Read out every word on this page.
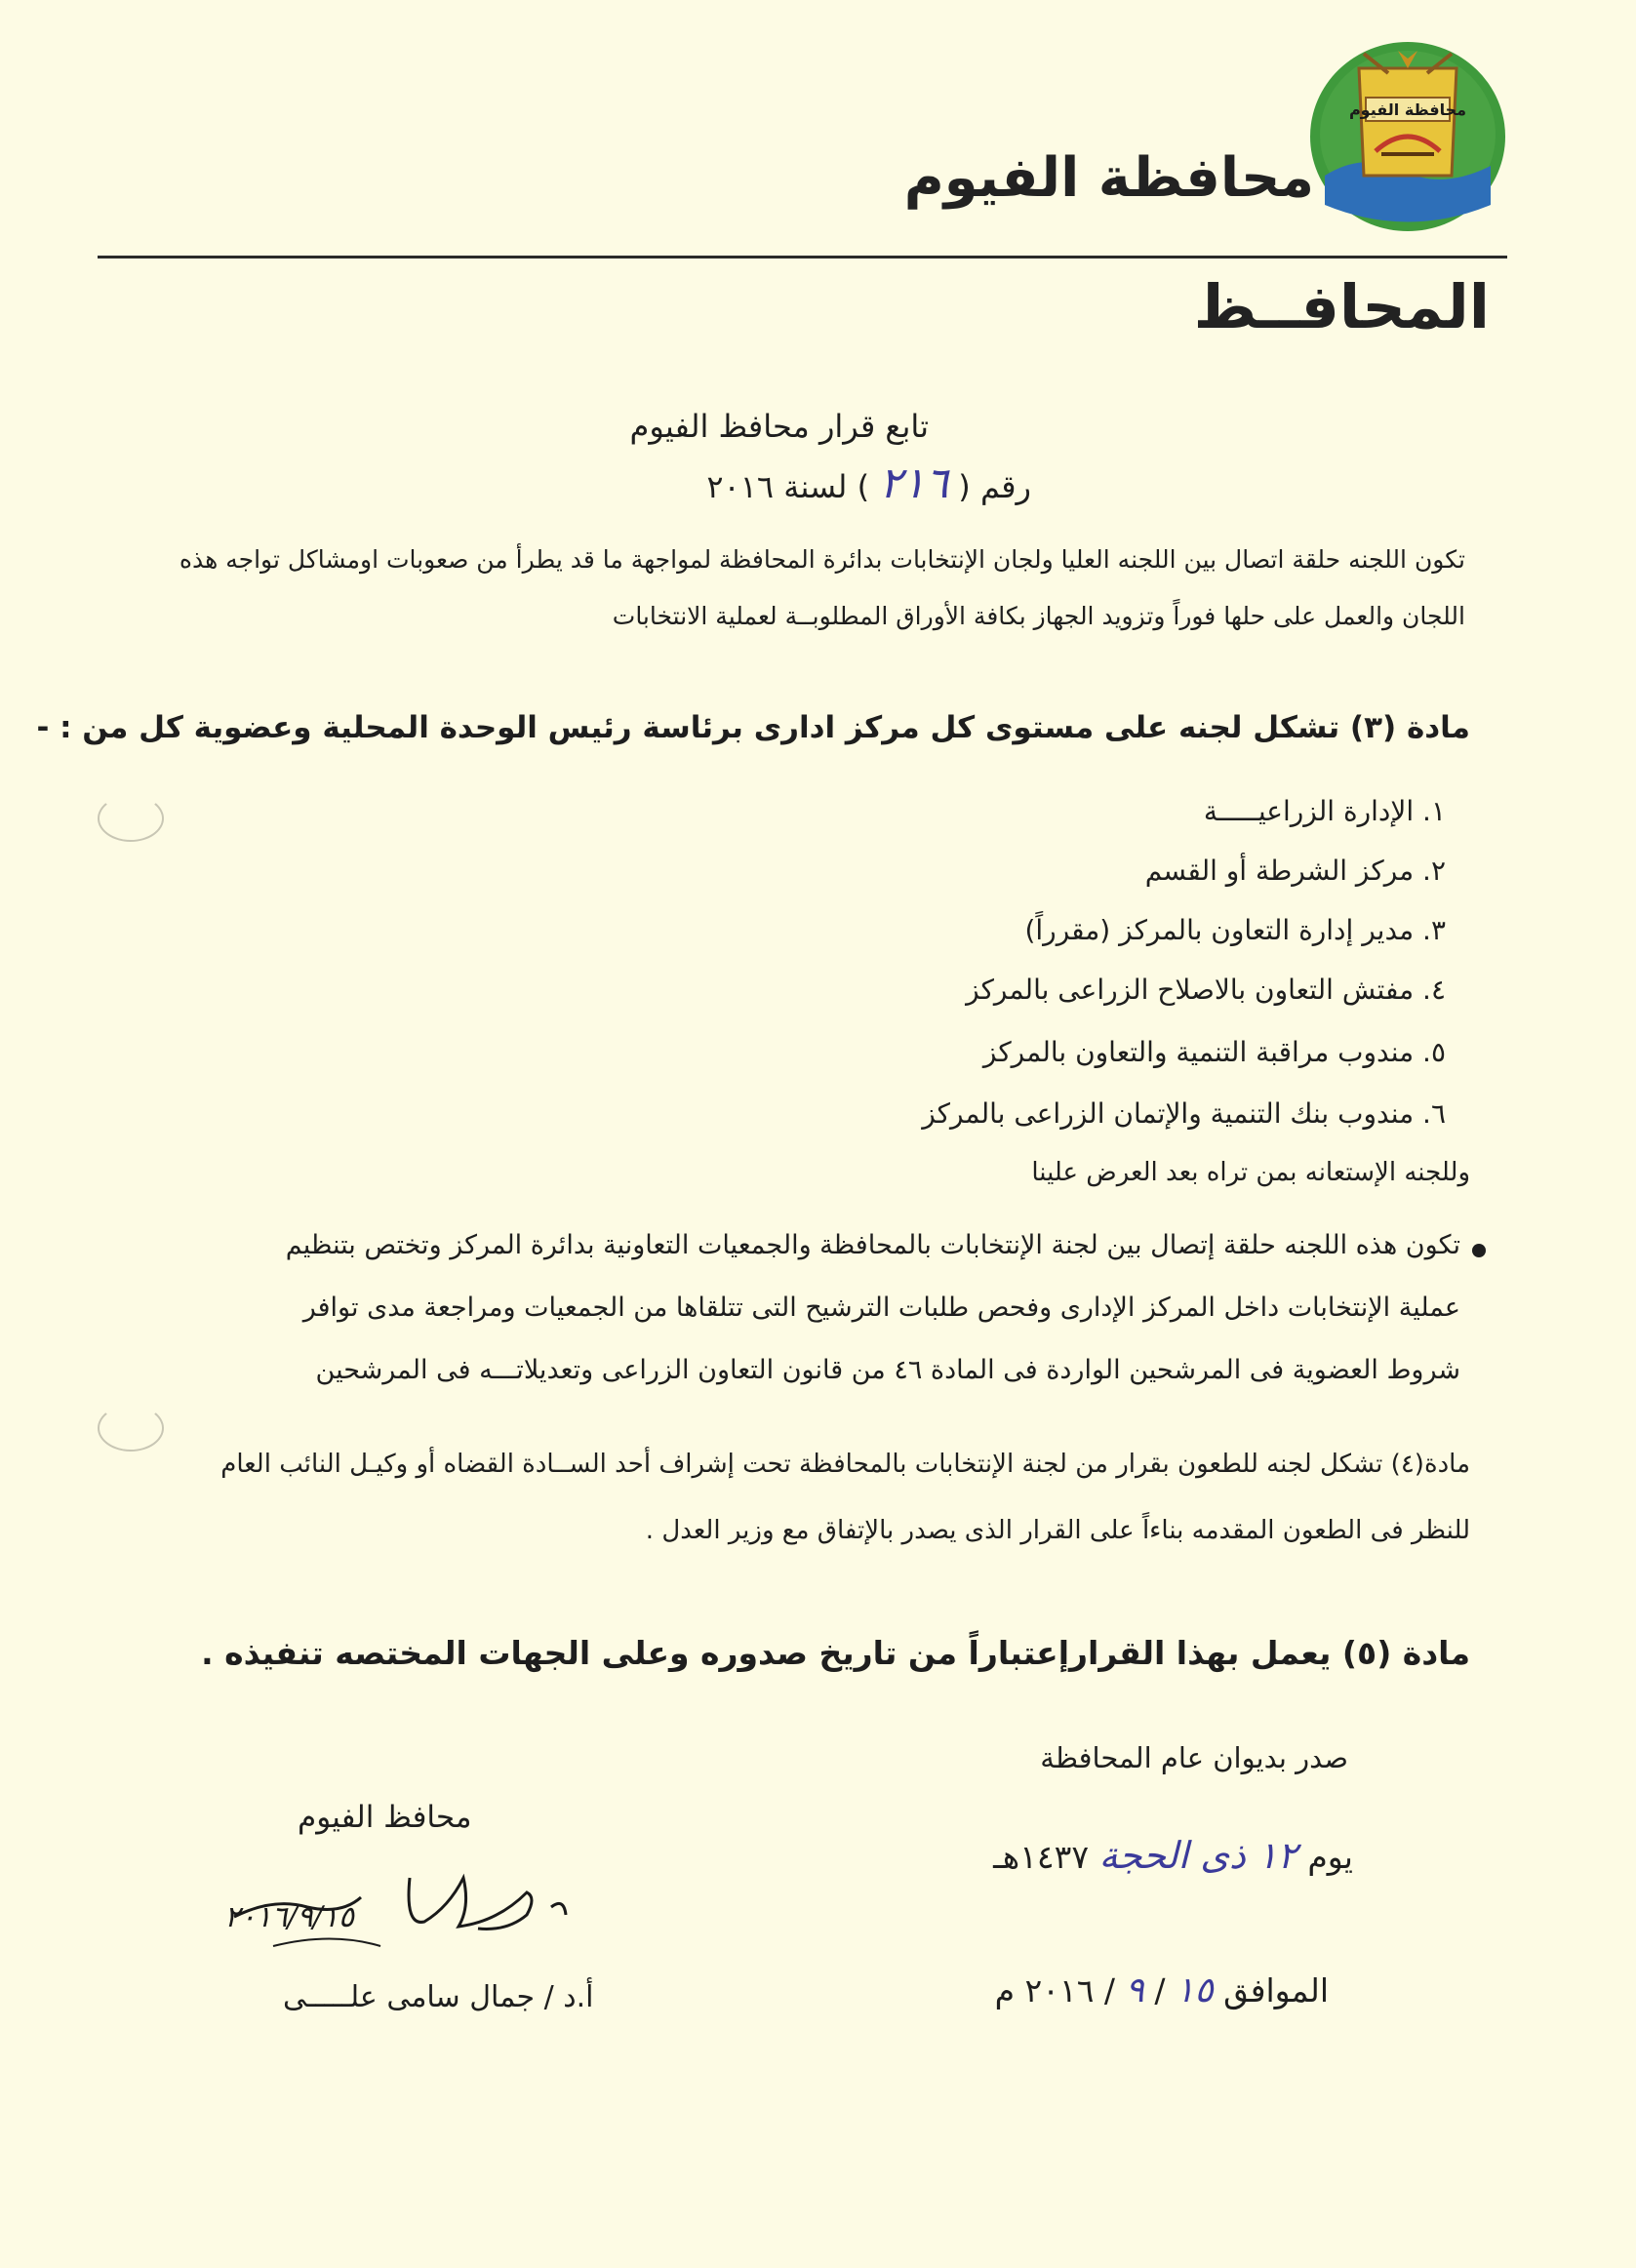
محافظة الفيوم
محافظة الفيوم
المحافــظ
تابع قرار محافظ الفيوم
رقم ( ٢١٦ ) لسنة ٢٠١٦
تكون اللجنه حلقة اتصال بين اللجنه العليا ولجان الإنتخابات بدائرة المحافظة لمواجهة ما قد يطرأ من صعوبات اومشاكل تواجه هذه اللجان والعمل على حلها فوراً وتزويد الجهاز بكافة الأوراق المطلوبــة لعملية الانتخابات
مادة (٣) تشكل لجنه على مستوى كل مركز ادارى برئاسة رئيس الوحدة المحلية وعضوية كل من : -
١. الإدارة الزراعيـــــة
٢. مركز الشرطة أو القسم
٣. مدير إدارة التعاون بالمركز (مقرراً)
٤. مفتش التعاون بالاصلاح الزراعى بالمركز
٥. مندوب مراقبة التنمية والتعاون بالمركز
٦. مندوب بنك التنمية والإتمان الزراعى بالمركز
وللجنه الإستعانه بمن تراه بعد العرض علينا
تكون هذه اللجنه حلقة إتصال بين لجنة الإنتخابات بالمحافظة والجمعيات التعاونية بدائرة المركز وتختص بتنظيم عملية الإنتخابات داخل المركز الإدارى وفحص طلبات الترشيح التى تتلقاها من الجمعيات ومراجعة مدى توافر شروط العضوية فى المرشحين الواردة فى المادة ٤٦ من قانون التعاون الزراعى وتعديلاتـــه فى المرشحين
مادة(٤) تشكل لجنه للطعون بقرار من لجنة الإنتخابات بالمحافظة تحت إشراف أحد الســادة القضاه أو وكيـل النائب العام للنظر فى الطعون المقدمه بناءاً على القرار الذى يصدر بالإتفاق مع وزير العدل .
مادة (٥) يعمل بهذا القرارإعتباراً من تاريخ صدوره وعلى الجهات المختصه تنفيذه .
صدر بديوان عام المحافظة
يوم ١٢ ذى الحجة ١٤٣٧هـ
الموافق ١٥ / ٩ / ٢٠١٦ م
محافظ الفيوم
٢٠١٦/٩/١٥
أ.د / جمال سامى علـــــى
